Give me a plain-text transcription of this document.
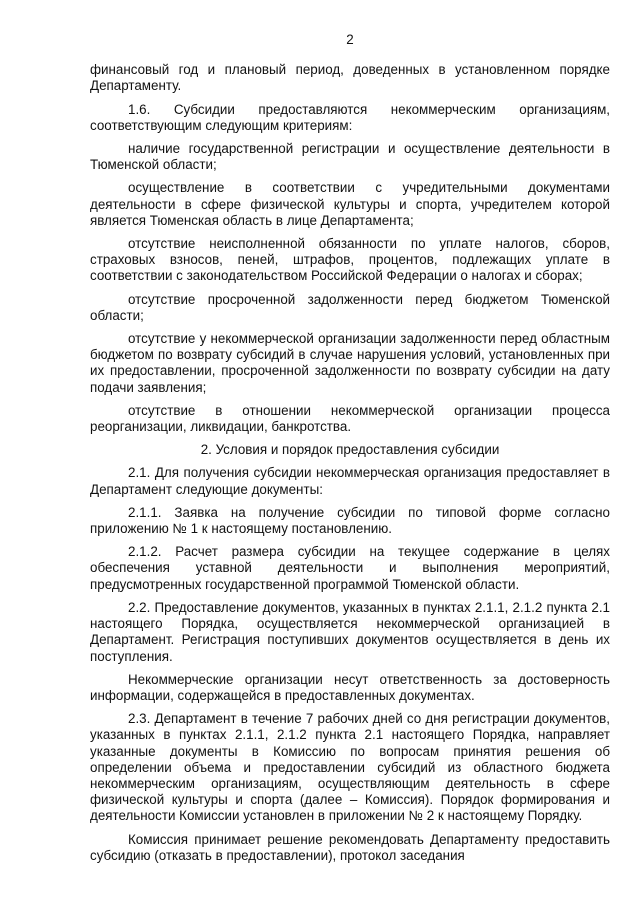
2

финансовый год и плановый период, доведенных в установленном порядке Департаменту.

1.6. Субсидии предоставляются некоммерческим организациям, соответствующим следующим критериям:

наличие государственной регистрации и осуществление деятельности в Тюменской области;

осуществление в соответствии с учредительными документами деятельности в сфере физической культуры и спорта, учредителем которой является Тюменская область в лице Департамента;

отсутствие неисполненной обязанности по уплате налогов, сборов, страховых взносов, пеней, штрафов, процентов, подлежащих уплате в соответствии с законодательством Российской Федерации о налогах и сборах;

отсутствие просроченной задолженности перед бюджетом Тюменской области;

отсутствие у некоммерческой организации задолженности перед областным бюджетом по возврату субсидий в случае нарушения условий, установленных при их предоставлении, просроченной задолженности по возврату субсидии на дату подачи заявления;

отсутствие в отношении некоммерческой организации процесса реорганизации, ликвидации, банкротства.

2. Условия и порядок предоставления субсидии

2.1. Для получения субсидии некоммерческая организация предоставляет в Департамент следующие документы:

2.1.1. Заявка на получение субсидии по типовой форме согласно приложению № 1 к настоящему постановлению.

2.1.2. Расчет размера субсидии на текущее содержание в целях обеспечения уставной деятельности и выполнения мероприятий, предусмотренных государственной программой Тюменской области.

2.2. Предоставление документов, указанных в пунктах 2.1.1, 2.1.2 пункта 2.1 настоящего Порядка, осуществляется некоммерческой организацией в Департамент. Регистрация поступивших документов осуществляется в день их поступления.

Некоммерческие организации несут ответственность за достоверность информации, содержащейся в предоставленных документах.

2.3. Департамент в течение 7 рабочих дней со дня регистрации документов, указанных в пунктах 2.1.1, 2.1.2 пункта 2.1 настоящего Порядка, направляет указанные документы в Комиссию по вопросам принятия решения об определении объема и предоставлении субсидий из областного бюджета некоммерческим организациям, осуществляющим деятельность в сфере физической культуры и спорта (далее – Комиссия). Порядок формирования и деятельности Комиссии установлен в приложении № 2 к настоящему Порядку.

Комиссия принимает решение рекомендовать Департаменту предоставить субсидию (отказать в предоставлении), протокол заседания
